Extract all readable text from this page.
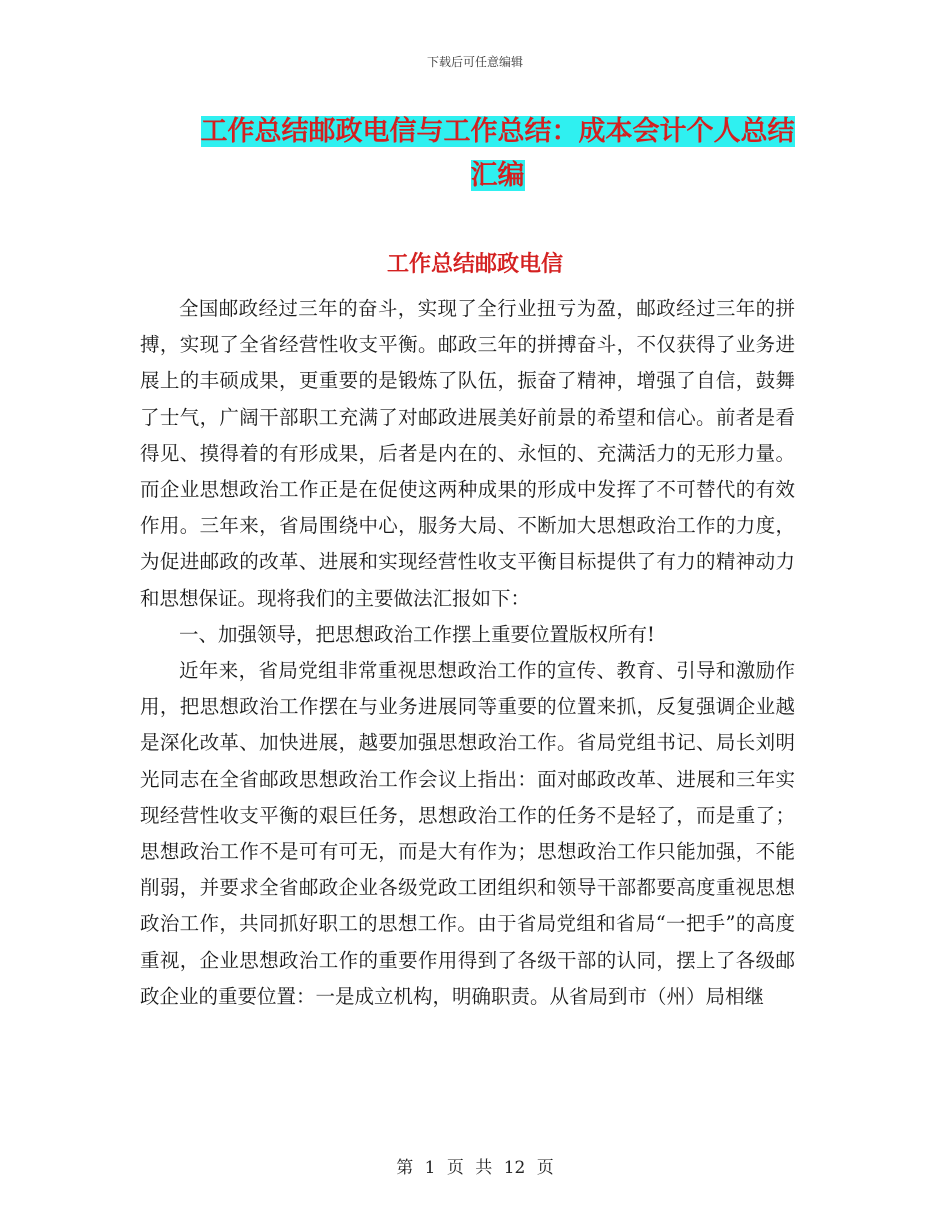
下载后可任意编辑
工作总结邮政电信与工作总结：成本会计个人总结汇编
工作总结邮政电信

全国邮政经过三年的奋斗，实现了全行业扭亏为盈，邮政经过三年的拼搏，实现了全省经营性收支平衡。邮政三年的拼搏奋斗，不仅获得了业务进展上的丰硕成果，更重要的是锻炼了队伍，振奋了精神，增强了自信，鼓舞了士气，广阔干部职工充满了对邮政进展美好前景的希望和信心。前者是看得见、摸得着的有形成果，后者是内在的、永恒的、充满活力的无形力量。而企业思想政治工作正是在促使这两种成果的形成中发挥了不可替代的有效作用。三年来，省局围绕中心，服务大局、不断加大思想政治工作的力度，为促进邮政的改革、进展和实现经营性收支平衡目标提供了有力的精神动力和思想保证。现将我们的主要做法汇报如下：

一、加强领导，把思想政治工作摆上重要位置版权所有!

近年来，省局党组非常重视思想政治工作的宣传、教育、引导和激励作用，把思想政治工作摆在与业务进展同等重要的位置来抓，反复强调企业越是深化改革、加快进展，越要加强思想政治工作。省局党组书记、局长刘明光同志在全省邮政思想政治工作会议上指出：面对邮政改革、进展和三年实现经营性收支平衡的艰巨任务，思想政治工作的任务不是轻了，而是重了；思想政治工作不是可有可无，而是大有作为；思想政治工作只能加强，不能削弱，并要求全省邮政企业各级党政工团组织和领导干部都要高度重视思想政治工作，共同抓好职工的思想工作。由于省局党组和省局“一把手”的高度重视，企业思想政治工作的重要作用得到了各级干部的认同，摆上了各级邮政企业的重要位置：一是成立机构，明确职责。从省局到市（州）局相继

第 1 页 共 12 页
